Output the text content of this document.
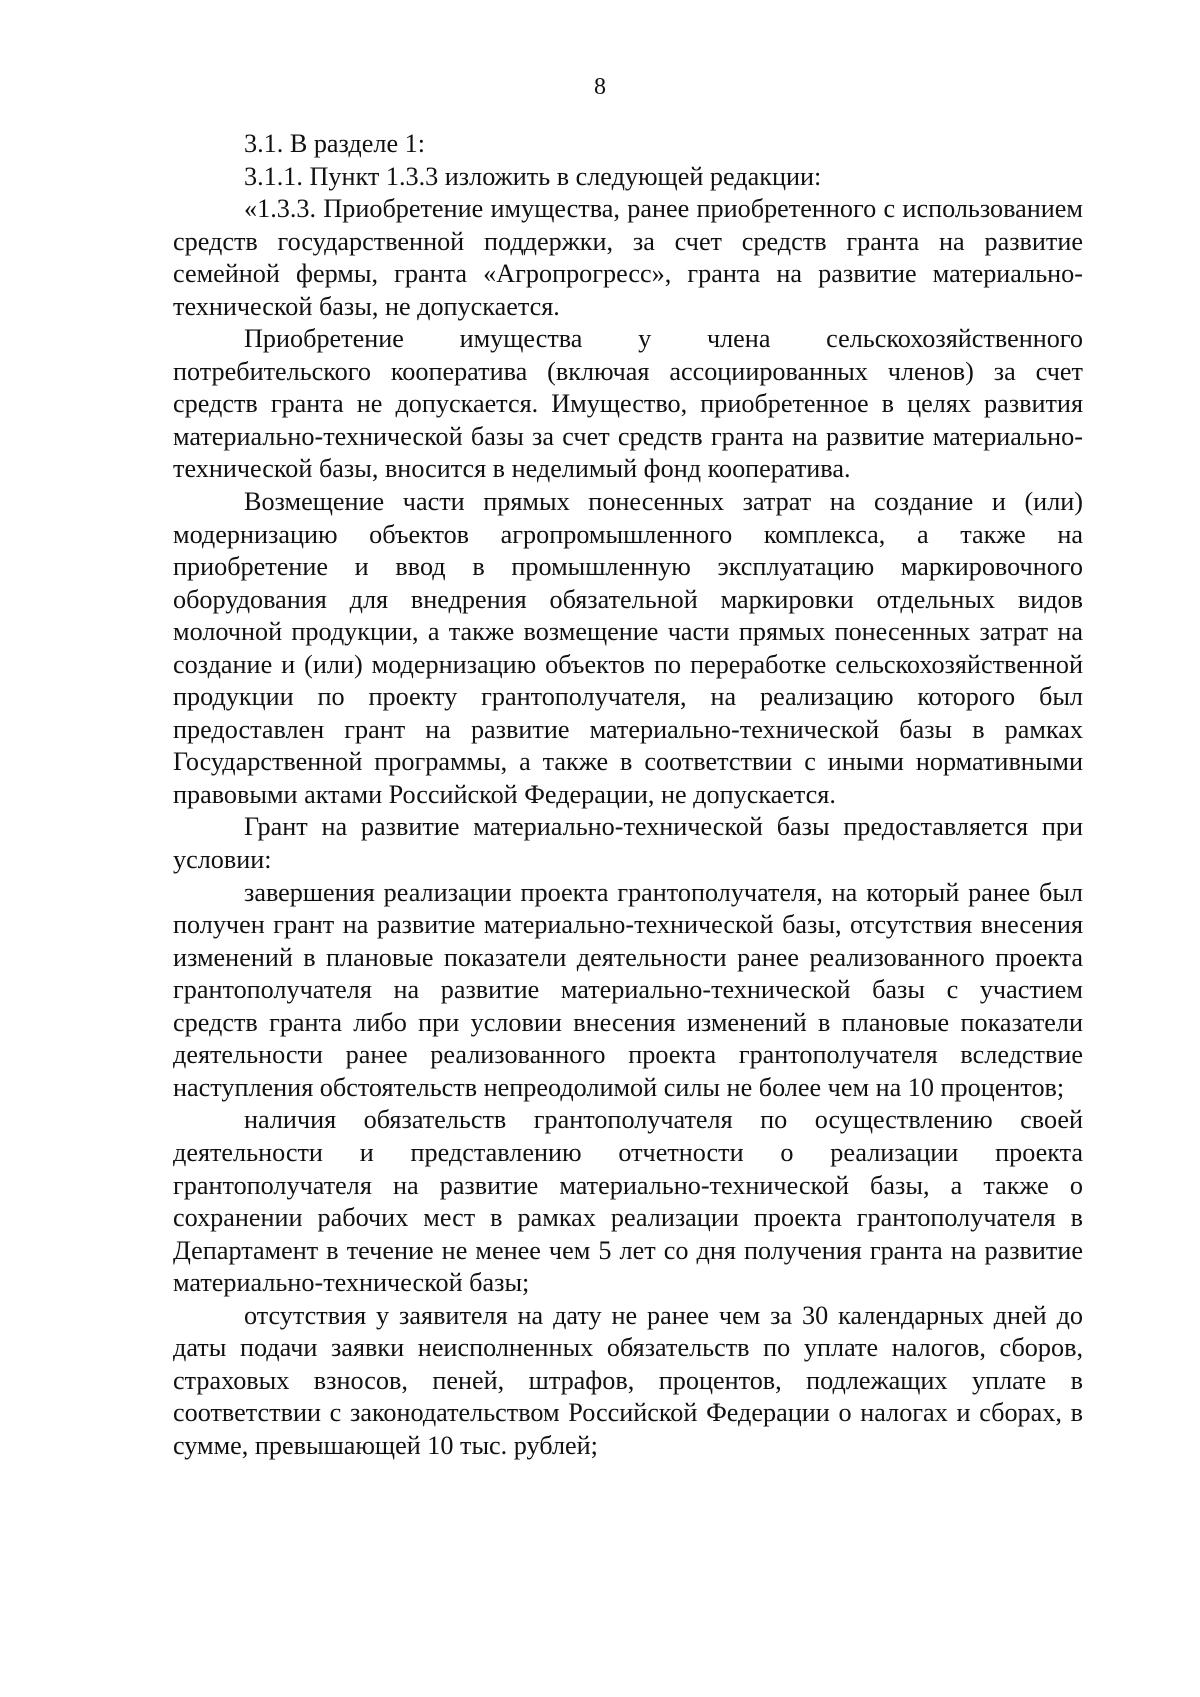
8

3.1. В разделе 1:

3.1.1. Пункт 1.3.3 изложить в следующей редакции:

«1.3.3. Приобретение имущества, ранее приобретенного с использованием средств государственной поддержки, за счет средств гранта на развитие семейной фермы, гранта «Агропрогресс», гранта на развитие материально-технической базы, не допускается.

Приобретение имущества у члена сельскохозяйственного потребительского кооператива (включая ассоциированных членов) за счет средств гранта не допускается. Имущество, приобретенное в целях развития материально-технической базы за счет средств гранта на развитие материально-технической базы, вносится в неделимый фонд кооператива.

Возмещение части прямых понесенных затрат на создание и (или) модернизацию объектов агропромышленного комплекса, а также на приобретение и ввод в промышленную эксплуатацию маркировочного оборудования для внедрения обязательной маркировки отдельных видов молочной продукции, а также возмещение части прямых понесенных затрат на создание и (или) модернизацию объектов по переработке сельскохозяйственной продукции по проекту грантополучателя, на реализацию которого был предоставлен грант на развитие материально-технической базы в рамках Государственной программы, а также в соответствии с иными нормативными правовыми актами Российской Федерации, не допускается.

Грант на развитие материально-технической базы предоставляется при условии:

завершения реализации проекта грантополучателя, на который ранее был получен грант на развитие материально-технической базы, отсутствия внесения изменений в плановые показатели деятельности ранее реализованного проекта грантополучателя на развитие материально-технической базы с участием средств гранта либо при условии внесения изменений в плановые показатели деятельности ранее реализованного проекта грантополучателя вследствие наступления обстоятельств непреодолимой силы не более чем на 10 процентов;

наличия обязательств грантополучателя по осуществлению своей деятельности и представлению отчетности о реализации проекта грантополучателя на развитие материально-технической базы, а также о сохранении рабочих мест в рамках реализации проекта грантополучателя в Департамент в течение не менее чем 5 лет со дня получения гранта на развитие материально-технической базы;

отсутствия у заявителя на дату не ранее чем за 30 календарных дней до даты подачи заявки неисполненных обязательств по уплате налогов, сборов, страховых взносов, пеней, штрафов, процентов, подлежащих уплате в соответствии с законодательством Российской Федерации о налогах и сборах, в сумме, превышающей 10 тыс. рублей;
